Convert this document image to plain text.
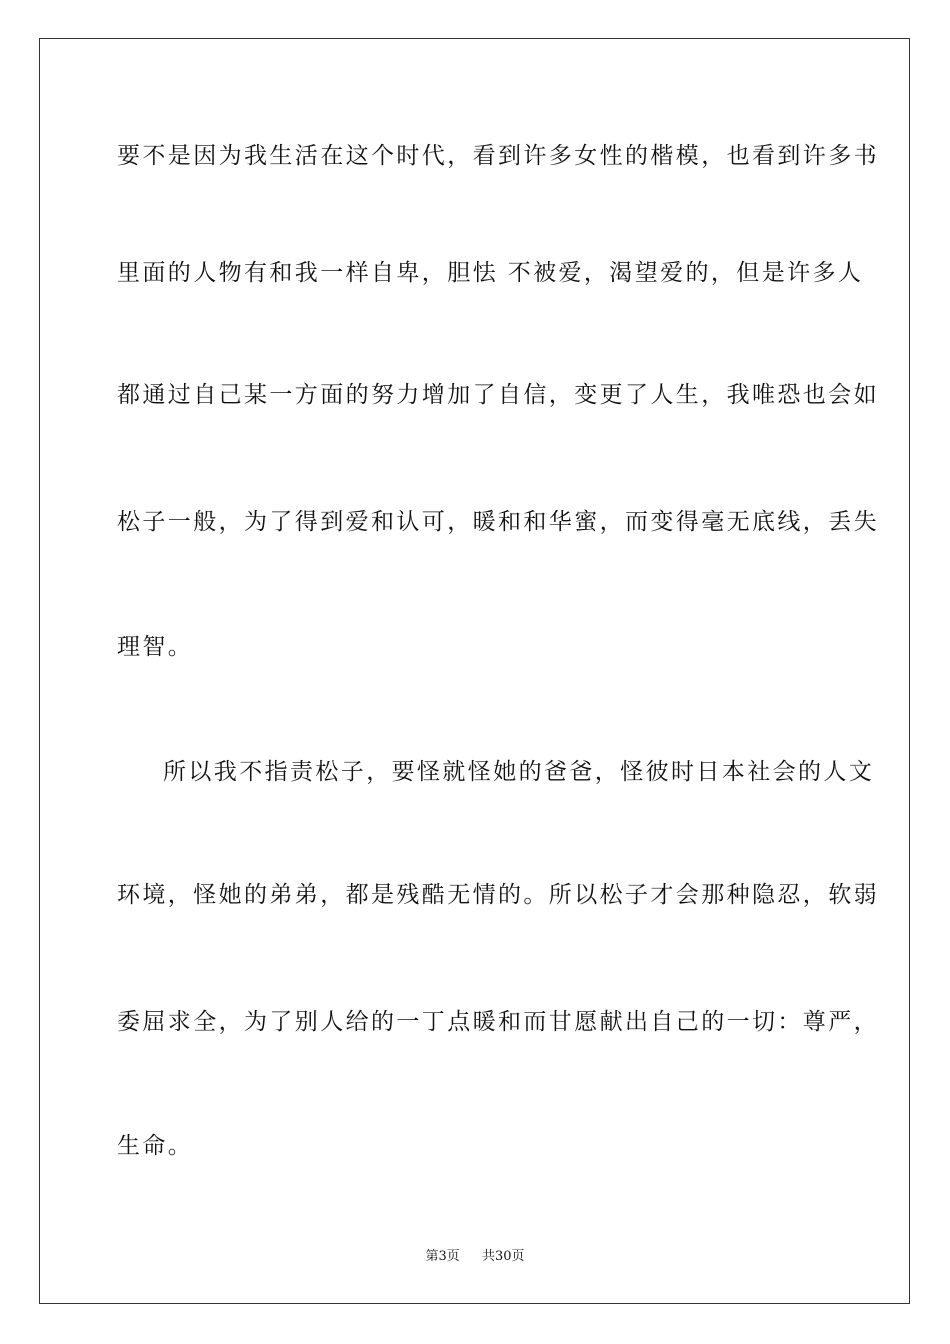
要不是因为我生活在这个时代，看到许多女性的楷模，也看到许多书
里面的人物有和我一样自卑，胆怯 不被爱，渴望爱的，但是许多人
都通过自己某一方面的努力增加了自信，变更了人生，我唯恐也会如
松子一般，为了得到爱和认可，暖和和华蜜，而变得毫无底线，丢失
理智。
所以我不指责松子，要怪就怪她的爸爸，怪彼时日本社会的人文
环境，怪她的弟弟，都是残酷无情的。所以松子才会那种隐忍，软弱
委屈求全，为了别人给的一丁点暖和而甘愿献出自己的一切：尊严，
生命。
第3页 共30页
